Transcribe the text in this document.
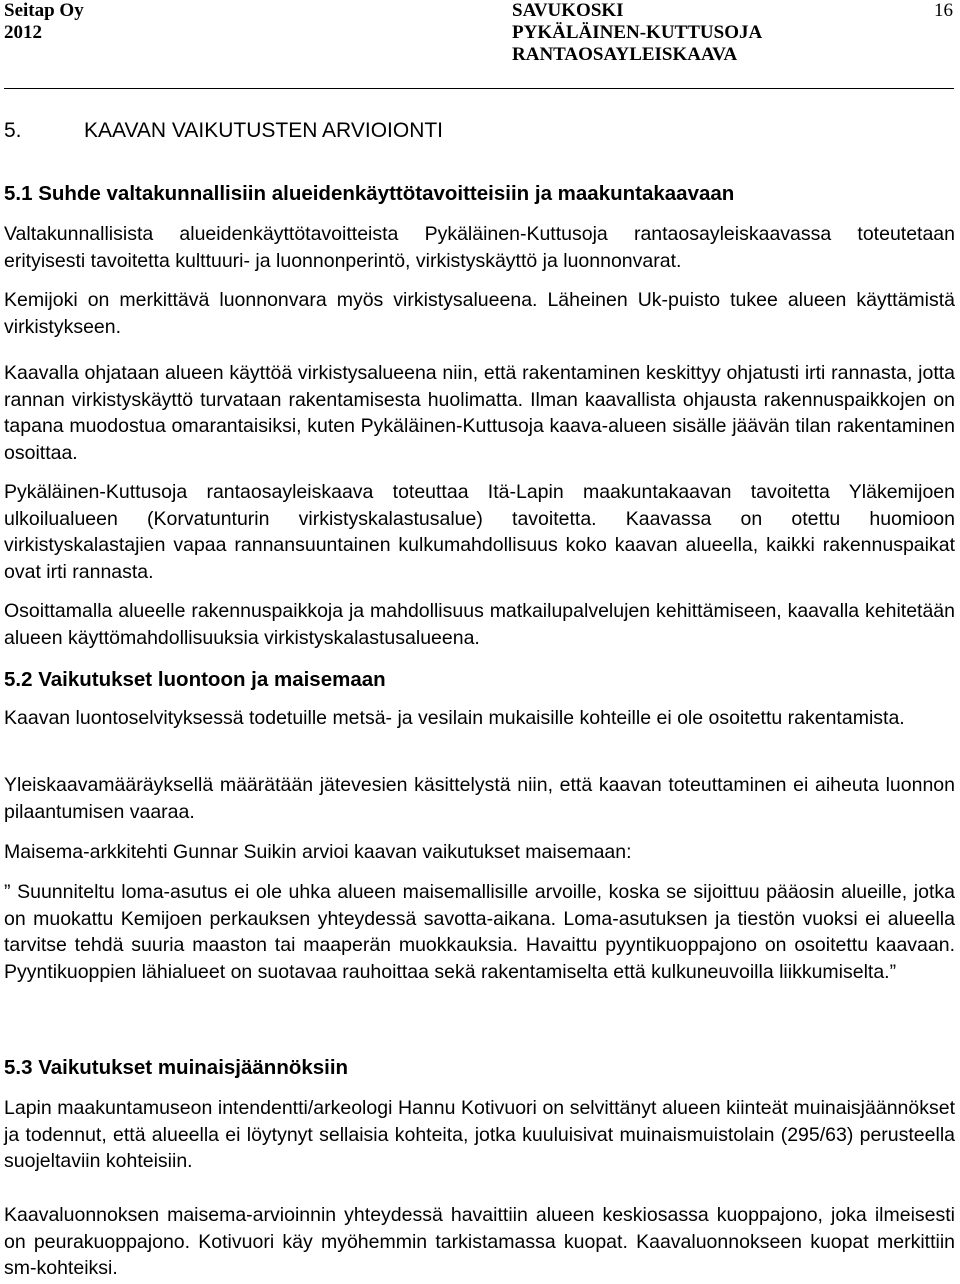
Seitap Oy
2012
SAVUKOSKI
PYKÄLÄINEN-KUTTUSOJA
RANTAOSAYLEISKAAVA
16
5.	KAAVAN VAIKUTUSTEN ARVIOIONTI
5.1 Suhde valtakunnallisiin alueidenkäyttötavoitteisiin ja maakuntakaavaan

Valtakunnallisista alueidenkäyttötavoitteista Pykäläinen-Kuttusoja rantaosayleiskaavassa toteutetaan erityisesti tavoitetta kulttuuri- ja luonnonperintö, virkistyskäyttö ja luonnonvarat.

Kemijoki on merkittävä luonnonvara myös virkistysalueena. Läheinen Uk-puisto tukee alueen käyttämistä virkistykseen.

Kaavalla ohjataan alueen käyttöä virkistysalueena niin, että rakentaminen keskittyy ohjatusti irti rannasta, jotta rannan virkistyskäyttö turvataan rakentamisesta huolimatta. Ilman kaavallista ohjausta rakennuspaikkojen on tapana muodostua omarantaisiksi, kuten Pykäläinen-Kuttusoja kaava-alueen sisälle jäävän tilan rakentaminen osoittaa.

Pykäläinen-Kuttusoja rantaosayleiskaava toteuttaa Itä-Lapin maakuntakaavan tavoitetta Yläkemijoen ulkoilualueen (Korvatunturin virkistyskalastusalue) tavoitetta. Kaavassa on otettu huomioon virkistyskalastajien vapaa rannansuuntainen kulkumahdollisuus koko kaavan alueella, kaikki rakennuspaikat ovat irti rannasta.

Osoittamalla alueelle rakennuspaikkoja ja mahdollisuus matkailupalvelujen kehittämiseen, kaavalla kehitetään alueen käyttömahdollisuuksia virkistyskalastusalueena.

5.2 Vaikutukset luontoon ja maisemaan

Kaavan luontoselvityksessä todetuille metsä- ja vesilain mukaisille kohteille ei ole osoitettu rakentamista.

Yleiskaavamääräyksellä määrätään jätevesien käsittelystä niin, että kaavan toteuttaminen ei aiheuta luonnon pilaantumisen vaaraa.

Maisema-arkkitehti Gunnar Suikin arvioi kaavan vaikutukset maisemaan:

” Suunniteltu loma-asutus ei ole uhka alueen maisemallisille arvoille, koska se sijoittuu pääosin alueille, jotka on muokattu Kemijoen perkauksen yhteydessä savotta-aikana. Loma-asutuksen ja tiestön vuoksi ei alueella tarvitse tehdä suuria maaston tai maaperän muokkauksia. Havaittu pyyntikuoppajono on osoitettu kaavaan. Pyyntikuoppien lähialueet on suotavaa rauhoittaa sekä rakentamiselta että kulkuneuvoilla liikkumiselta.”

5.3 Vaikutukset muinaisjäännöksiin

Lapin maakuntamuseon intendentti/arkeologi Hannu Kotivuori on selvittänyt alueen kiinteät muinaisjäännökset ja todennut, että alueella ei löytynyt sellaisia kohteita, jotka kuuluisivat muinaismuistolain (295/63) perusteella suojeltaviin kohteisiin.

Kaavaluonnoksen maisema-arvioinnin yhteydessä havaittiin alueen keskiosassa kuoppajono, joka ilmeisesti on peurakuoppajono. Kotivuori käy myöhemmin tarkistamassa kuopat. Kaavaluonnokseen kuopat merkittiin sm-kohteiksi.
